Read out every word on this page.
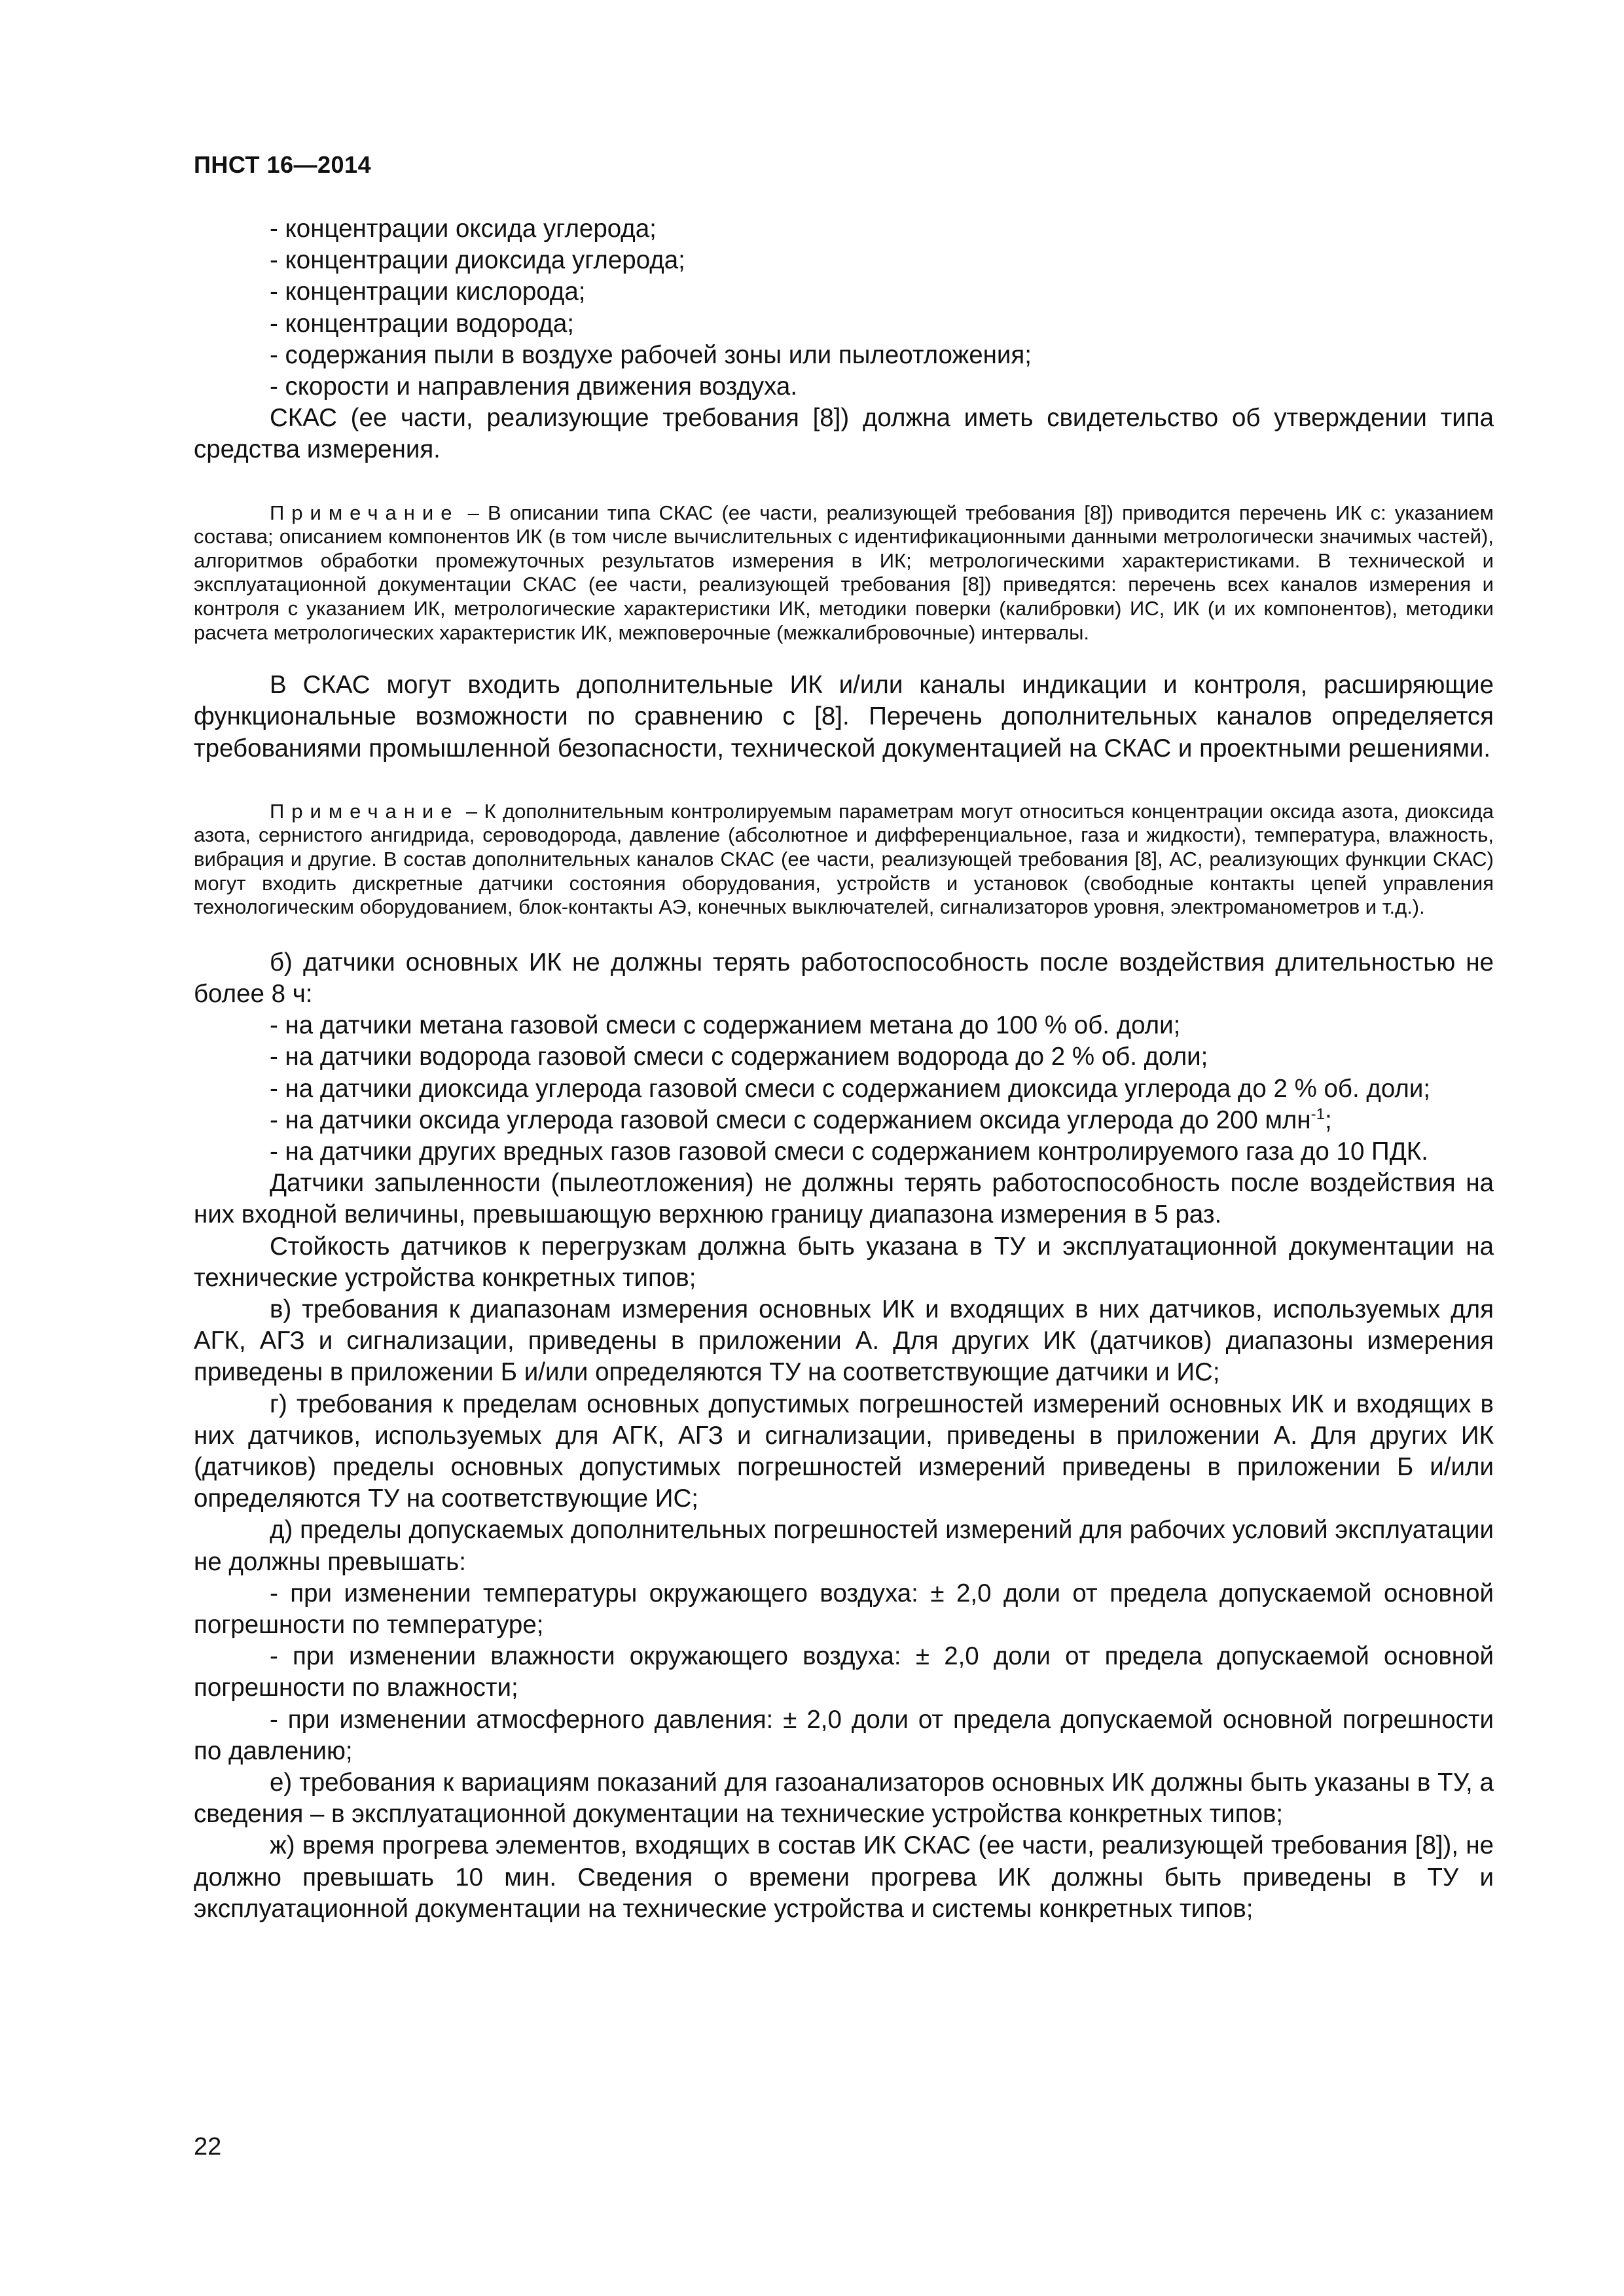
ПНСТ 16—2014

- концентрации оксида углерода;

- концентрации диоксида углерода;

- концентрации кислорода;

- концентрации водорода;

- содержания пыли в воздухе рабочей зоны или пылеотложения;

- скорости и направления движения воздуха.

СКАС (ее части, реализующие требования [8]) должна иметь свидетельство об утверждении типа средства измерения.

Примечание – В описании типа СКАС (ее части, реализующей требования [8]) приводится перечень ИК с: указанием состава; описанием компонентов ИК (в том числе вычислительных с идентификационными данными метрологически значимых частей), алгоритмов обработки промежуточных результатов измерения в ИК; метрологическими характеристиками. В технической и эксплуатационной документации СКАС (ее части, реализующей требования [8]) приведятся: перечень всех каналов измерения и контроля с указанием ИК, метрологические характеристики ИК, методики поверки (калибровки) ИС, ИК (и их компонентов), методики расчета метрологических характеристик ИК, межповерочные (межкалибровочные) интервалы.

В СКАС могут входить дополнительные ИК и/или каналы индикации и контроля, расширяющие функциональные возможности по сравнению с [8]. Перечень дополнительных каналов определяется требованиями промышленной безопасности, технической документацией на СКАС и проектными решениями.

Примечание – К дополнительным контролируемым параметрам могут относиться концентрации оксида азота, диоксида азота, сернистого ангидрида, сероводорода, давление (абсолютное и дифференциальное, газа и жидкости), температура, влажность, вибрация и другие. В состав дополнительных каналов СКАС (ее части, реализующей требования [8], АС, реализующих функции СКАС) могут входить дискретные датчики состояния оборудования, устройств и установок (свободные контакты цепей управления технологическим оборудованием, блок-контакты АЭ, конечных выключателей, сигнализаторов уровня, электроманометров и т.д.).

б) датчики основных ИК не должны терять работоспособность после воздействия длительностью не более 8 ч:

- на датчики метана газовой смеси с содержанием метана до 100 % об. доли;

- на датчики водорода газовой смеси с содержанием водорода до 2 % об. доли;

- на датчики диоксида углерода газовой смеси с содержанием диоксида углерода до 2 % об. доли;

- на датчики оксида углерода газовой смеси с содержанием оксида углерода до 200 млн$^{-1}$;

- на датчики других вредных газов газовой смеси с содержанием контролируемого газа до 10 ПДК.

Датчики запыленности (пылеотложения) не должны терять работоспособность после воздействия на них входной величины, превышающую верхнюю границу диапазона измерения в 5 раз.

Стойкость датчиков к перегрузкам должна быть указана в ТУ и эксплуатационной документации на технические устройства конкретных типов;

в) требования к диапазонам измерения основных ИК и входящих в них датчиков, используемых для АГК, АГЗ и сигнализации, приведены в приложении А. Для других ИК (датчиков) диапазоны измерения приведены в приложении Б и/или определяются ТУ на соответствующие датчики и ИС;

г) требования к пределам основных допустимых погрешностей измерений основных ИК и входящих в них датчиков, используемых для АГК, АГЗ и сигнализации, приведены в приложении А. Для других ИК (датчиков) пределы основных допустимых погрешностей измерений приведены в приложении Б и/или определяются ТУ на соответствующие ИС;

д) пределы допускаемых дополнительных погрешностей измерений для рабочих условий эксплуатации не должны превышать:

- при изменении температуры окружающего воздуха: ± 2,0 доли от предела допускаемой основной погрешности по температуре;

- при изменении влажности окружающего воздуха: ± 2,0 доли от предела допускаемой основной погрешности по влажности;

- при изменении атмосферного давления: ± 2,0 доли от предела допускаемой основной погрешности по давлению;

е) требования к вариациям показаний для газоанализаторов основных ИК должны быть указаны в ТУ, а сведения – в эксплуатационной документации на технические устройства конкретных типов;

ж) время прогрева элементов, входящих в состав ИК СКАС (ее части, реализующей требования [8]), не должно превышать 10 мин. Сведения о времени прогрева ИК должны быть приведены в ТУ и эксплуатационной документации на технические устройства и системы конкретных типов;

22
